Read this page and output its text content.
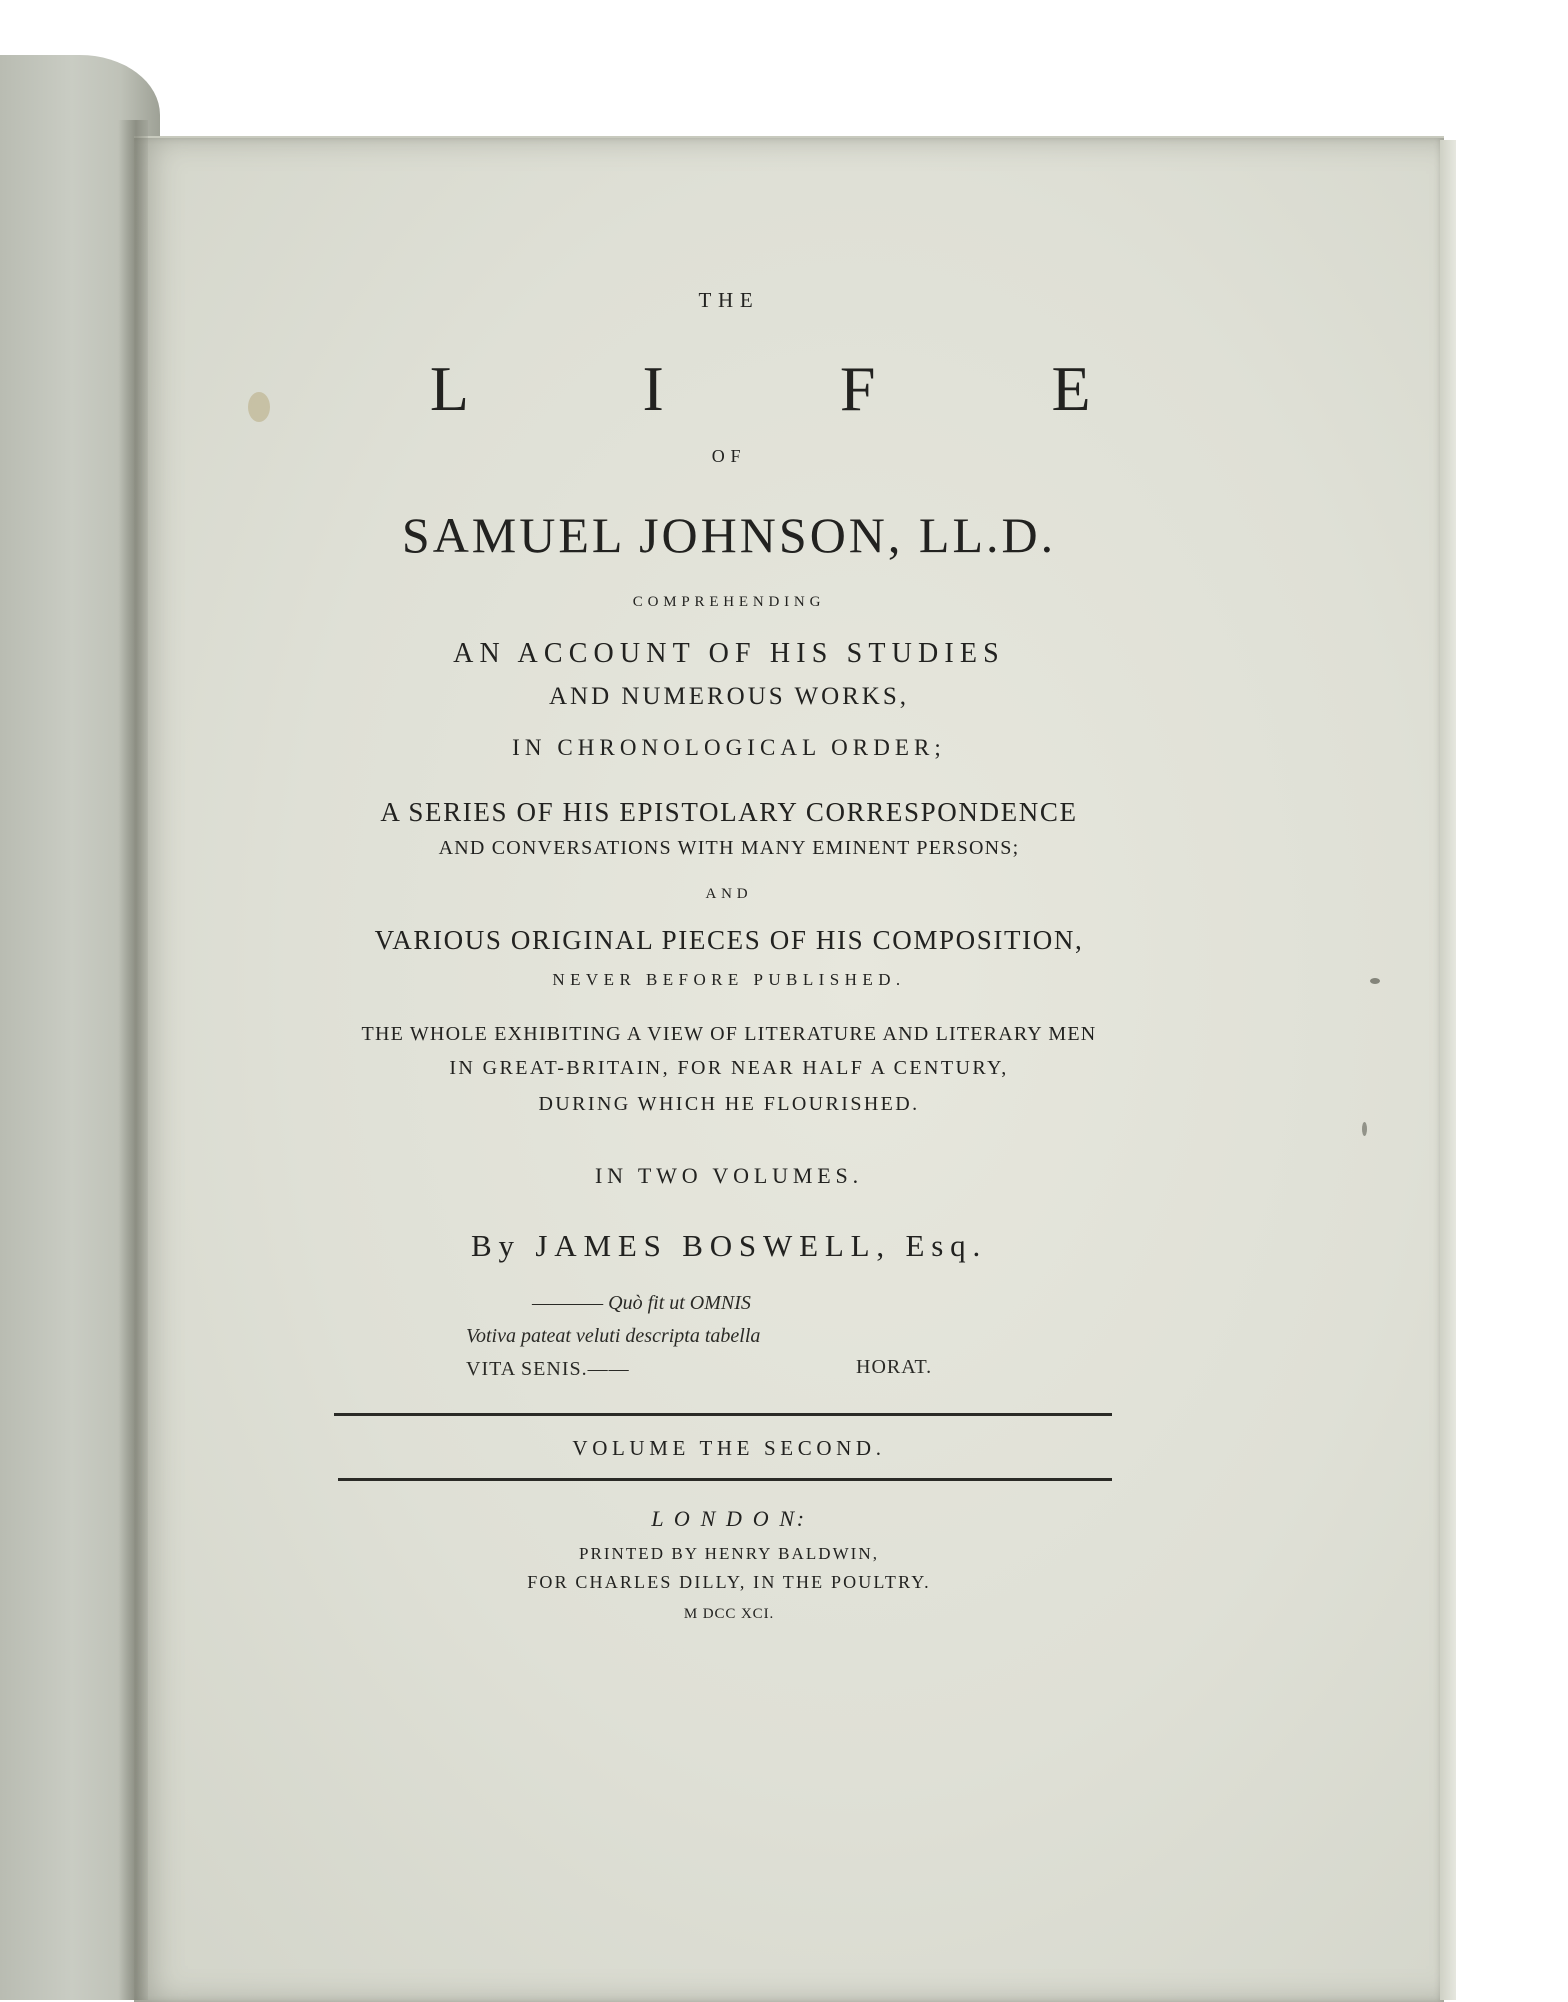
THE
L I F E
OF
SAMUEL JOHNSON, LL.D.
COMPREHENDING
AN ACCOUNT OF HIS STUDIES
AND NUMEROUS WORKS,
IN CHRONOLOGICAL ORDER;
A SERIES OF HIS EPISTOLARY CORRESPONDENCE
AND CONVERSATIONS WITH MANY EMINENT PERSONS;
AND
VARIOUS ORIGINAL PIECES OF HIS COMPOSITION,
NEVER BEFORE PUBLISHED.
THE WHOLE EXHIBITING A VIEW OF LITERATURE AND LITERARY MEN
IN GREAT-BRITAIN, FOR NEAR HALF A CENTURY,
DURING WHICH HE FLOURISHED.
IN TWO VOLUMES.
By JAMES BOSWELL, Esq.
———— Quò fit ut OMNIS
Votiva pateat veluti descripta tabella
VITA SENIS.——	HORAT.
VOLUME THE SECOND.
L O N D O N:
PRINTED BY HENRY BALDWIN,
FOR CHARLES DILLY, IN THE POULTRY.
M DCC XCI.
